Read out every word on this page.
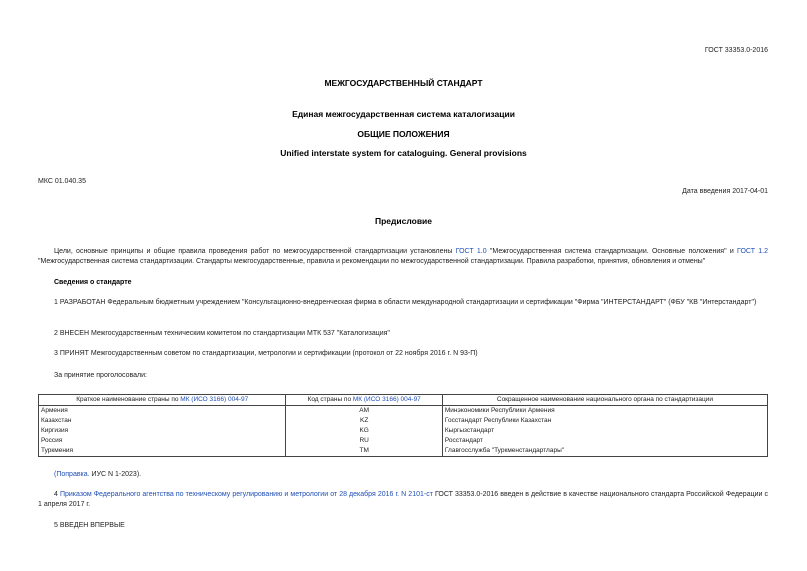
ГОСТ 33353.0-2016
МЕЖГОСУДАРСТВЕННЫЙ СТАНДАРТ
Единая межгосударственная система каталогизации
ОБЩИЕ ПОЛОЖЕНИЯ
Unified interstate system for cataloguing. General provisions
МКС 01.040.35
Дата введения 2017-04-01
Предисловие
Цели, основные принципы и общие правила проведения работ по межгосударственной стандартизации установлены ГОСТ 1.0 "Межгосударственная система стандартизации. Основные положения" и ГОСТ 1.2 "Межгосударственная система стандартизации. Стандарты межгосударственные, правила и рекомендации по межгосударственной стандартизации. Правила разработки, принятия, обновления и отмены"
Сведения о стандарте
1 РАЗРАБОТАН Федеральным бюджетным учреждением "Консультационно-внедренческая фирма в области международной стандартизации и сертификации "Фирма "ИНТЕРСТАНДАРТ" (ФБУ "КВ "Интерстандарт")
2 ВНЕСЕН Межгосударственным техническим комитетом по стандартизации МТК 537 "Каталогизация"
3 ПРИНЯТ Межгосударственным советом по стандартизации, метрологии и сертификации (протокол от 22 ноября 2016 г. N 93-П)
За принятие проголосовали:
Краткое наименование страны по МК (ИСО 3166) 004-97	Код страны по МК (ИСО 3166) 004-97	Сокращенное наименование национального органа по стандартизации
Армения	AM	Минэкономики Республики Армения
Казахстан	KZ	Госстандарт Республики Казахстан
Киргизия	KG	Кыргызстандарт
Россия	RU	Росстандарт
Туркмения	TM	Главгосслужба "Туркменстандартлары"
(Поправка. ИУС N 1-2023).
4 Приказом Федерального агентства по техническому регулированию и метрологии от 28 декабря 2016 г. N 2101-ст ГОСТ 33353.0-2016 введен в действие в качестве национального стандарта Российской Федерации с 1 апреля 2017 г.
5 ВВЕДЕН ВПЕРВЫЕ
